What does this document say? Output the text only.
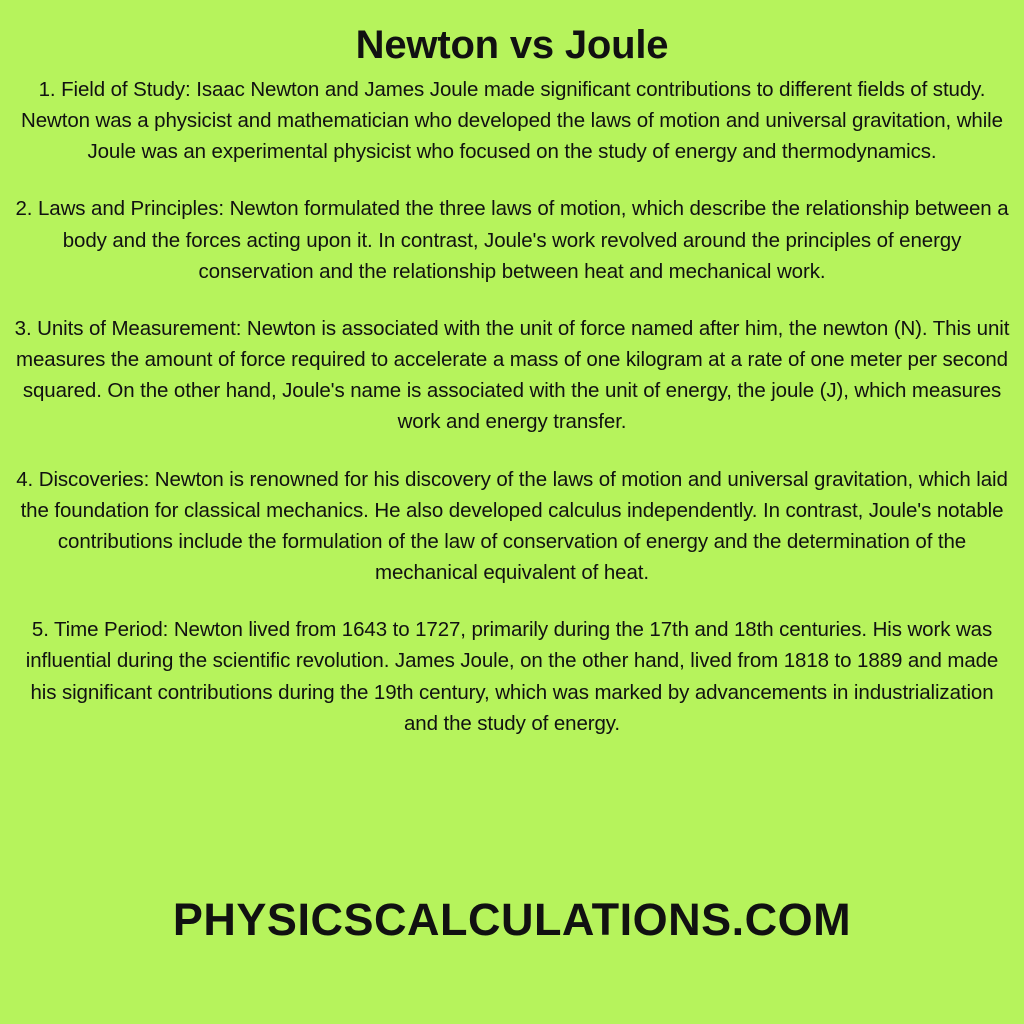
Newton vs Joule

1. Field of Study: Isaac Newton and James Joule made significant contributions to different fields of study. Newton was a physicist and mathematician who developed the laws of motion and universal gravitation, while Joule was an experimental physicist who focused on the study of energy and thermodynamics.

2. Laws and Principles: Newton formulated the three laws of motion, which describe the relationship between a body and the forces acting upon it. In contrast, Joule's work revolved around the principles of energy conservation and the relationship between heat and mechanical work.

3. Units of Measurement: Newton is associated with the unit of force named after him, the newton (N). This unit measures the amount of force required to accelerate a mass of one kilogram at a rate of one meter per second squared. On the other hand, Joule's name is associated with the unit of energy, the joule (J), which measures work and energy transfer.

4. Discoveries: Newton is renowned for his discovery of the laws of motion and universal gravitation, which laid the foundation for classical mechanics. He also developed calculus independently. In contrast, Joule's notable contributions include the formulation of the law of conservation of energy and the determination of the mechanical equivalent of heat.

5. Time Period: Newton lived from 1643 to 1727, primarily during the 17th and 18th centuries. His work was influential during the scientific revolution. James Joule, on the other hand, lived from 1818 to 1889 and made his significant contributions during the 19th century, which was marked by advancements in industrialization and the study of energy.

PHYSICSCALCULATIONS.COM
